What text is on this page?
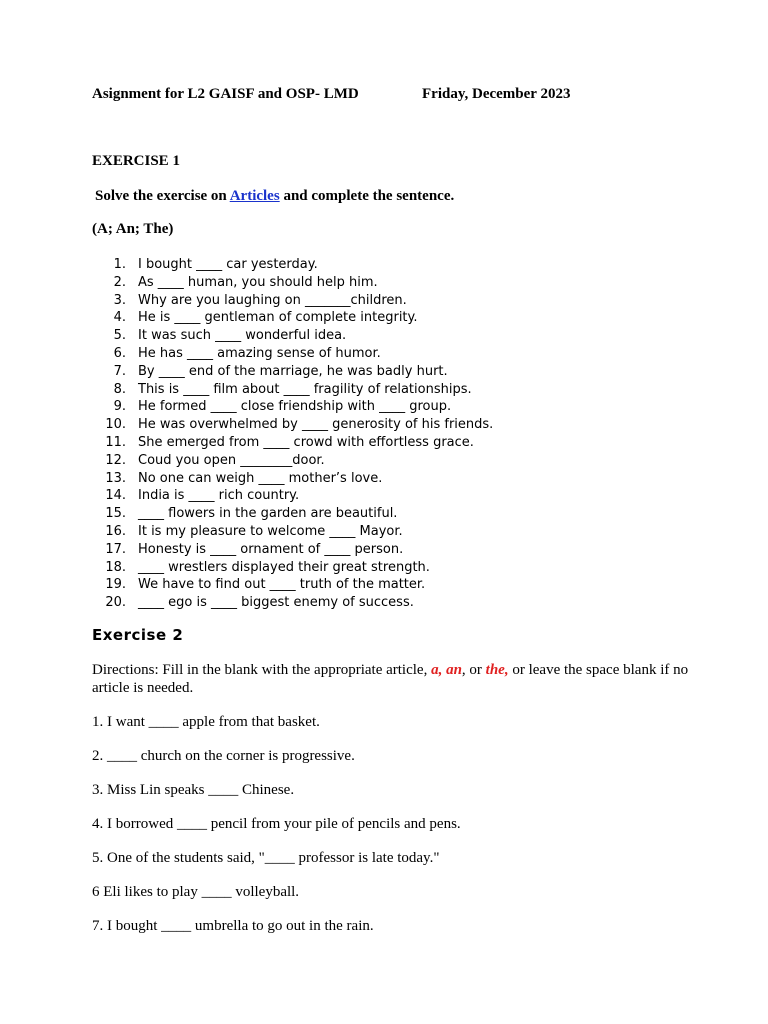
Asignment for L2 GAISF and OSP- LMD	Friday, December 2023
EXERCISE 1
Solve the exercise on Articles and complete the sentence.
(A; An; The)
1. I bought ____ car yesterday.
2. As ____ human, you should help him.
3. Why are you laughing on _______children.
4. He is ____ gentleman of complete integrity.
5. It was such ____ wonderful idea.
6. He has ____ amazing sense of humor.
7. By ____ end of the marriage, he was badly hurt.
8. This is ____ film about ____ fragility of relationships.
9. He formed ____ close friendship with ____ group.
10. He was overwhelmed by ____ generosity of his friends.
11. She emerged from ____ crowd with effortless grace.
12. Coud you open ________door.
13. No one can weigh ____ mother’s love.
14. India is ____ rich country.
15. ____ flowers in the garden are beautiful.
16. It is my pleasure to welcome ____ Mayor.
17. Honesty is ____ ornament of ____ person.
18. ____ wrestlers displayed their great strength.
19. We have to find out ____ truth of the matter.
20. ____ ego is ____ biggest enemy of success.
Exercise 2
Directions: Fill in the blank with the appropriate article, a, an, or the, or leave the space blank if no article is needed.
1. I want ____ apple from that basket.
2. ____ church on the corner is progressive.
3. Miss Lin speaks ____ Chinese.
4. I borrowed ____ pencil from your pile of pencils and pens.
5. One of the students said, "____ professor is late today."
6 Eli likes to play ____ volleyball.
7. I bought ____ umbrella to go out in the rain.
